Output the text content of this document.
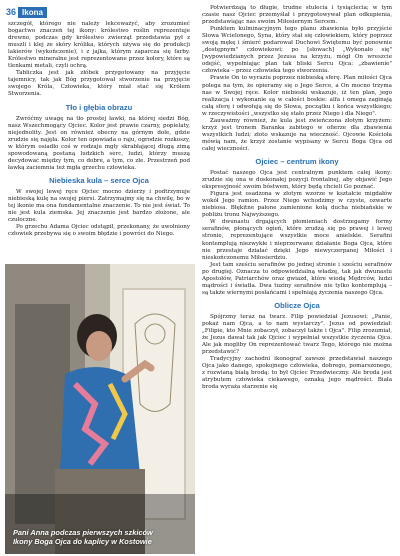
36 Ikona

szczegół, którego nie należy lekceważyć, aby zrozumieć bogactwo znaczeń tej ikony: królestwo roślin reprezentuje drewno, podczas gdy królestwo zwierząt przedstawia pył z muszli i klej ze skóry królika, których używa się do produkcji lakierów (wykończenie), i z jajka, którym zaparcza się farby. Królestwo mineralne jest reprezentowane przez kolory, które są tlenkami metali, czyli ochrą.

Tabliczka jest jak złóbek przygotowany na przyjęcie tajemnicy, tak jak Bóg przygotował stworzenie na przyjęcie swojego Króla, Człowieka, który miał stać się Królem Stworzenia.

Tło i głębia obrazu

Zwróćmy uwagę na tło prostej ławki, na której siedzi Bóg, nasz Wszechmogący Ojciec. Kolor jest prawie czarny, popielaty, niejednolity. Jest on również obecny na górnym dole, gdzie zrudzie się najęła. Kolor ten opowiada o raju, ogrodzie rozkoszy, w którym osiadło coś w rodzaju mgły skrabłającej długą zimą spowodowaną postaną ludzkich serc, ludzi, którzy muszą decydować między tym, co dobre, a tym, co złe. Przestrzeń pod ławką zaciemnia też mgła grzechu człowieka.

Niebieska kula – serce Ojca

W swojej lewej ręce Ojciec mocno dzierży i podtrzymuje niebieską kulę na swojej piersi. Zatrzymajmy się na chwilę, bo w tej ikonie ma ona fundamentalne znaczenie. To nie jest świat. To nie jest kula ziemska. Jej znaczenie jest bardzo złożone, ale czułoczne.

Po grzechu Adama Ojciec odstąpił, przekonany, że uwolniony człowiek przebywa się o swoim błędzie i powróci do Niego.

Pani Anna podczas pierwszych szkiców
Ikony Boga Ojca do kaplicy w Kostowie

Potwierdzają to długie, trudne stulecia i tysiąclecia; w tym czasie nasz Ojciec przemyślał i przygotowywał plan odkupienia, przedstawiając nas swoim Miłosiernym Sercem.

Punktem kulminacyjnym tego planu zbawienia było przyjście Słowa Wcielonego, Syna, który stał się człowiekiem, który poprzez swoją mękę i śmierć podarował Duchowi Świętemu być ponownie „dostępnym" człowiekowi; po [słowach] „Wykonało się" [wypowiedzianych przez Jezusa na krzyżu, mógł On wreszcie odejść, wypełniając plan tak bliski Sercu Ojca: „zbawienie" człowieka – przez człowieka tego stworzenia.

Prawie On to wyraziu poprzez niebieską sferę. Plan miłości Ojca polega na tym, że opieramy się o Jego Serce, a On mocno trzyma nas w Swojej ręce. Kolor niebieski wskazuje, iż ten plan, jego realizacja i wykonanie są w całości boskie: alfa i omega zaginają całą sferę i odwołują się do Słowa, początku i końca wszystkiego; w rzeczywistości „wszystko się stało przez Niego i dla Niego".

Zauważmy również, że kula jest zwieńczona złotym krzyżem: krzyż jest tronem Baranka zabitego w ofierze dla zbawienia wszystkich ludzi; złoto wskazuje na wieczność. Ojcowie Kościoła mówią nam, że krzyż zostanie wypisany w Sercu Boga Ojca od całej wieczności.

Ojciec – centrum ikony

Postać naszego Ojca jest centralnym punktem całej ikony: zrudzie się ona w doskonałej pozycji frontalnej, aby objawić Jego ekspresyjność swoim bóstwem, który będą chcieli Go poznać.

Figura jest osadzona w złotym wzorze w kształcie migdałów wokół Jego ramion. Przez Niego wchodzimy w czyste, ozwarte niebiosa. Błękitne pałone zamienione kolą ducha niebiańskie w pobliżu tronu Najwyższego.

W dwunastu drgających płomieniach dostrzegamy formy serafinów, płonących ogień, które zrudzą się po prawej i lewej stronie, reprezentujące wszystkie moce anielskie. Serafini kontemplują niezwykłe i nieprzerwane działanie Boga Ojca, które nie przestaje działać dzięki Jego niewyczerpanej Miłości i nieskończonemu Miłosierdziu.

Jest tam sześciu serafinów po jednej stronie i sześciu serafinów po drugiej. Oznacza to odpowiedzialną władzę, tak jak dwunastu Apostołów, Patriarchów oraz gwiazd, które wiodą Mędrców, ludzi mądrości i światła. Dwa tuziny serafinów nie tylko kontemplują – są także wiernymi posłańcami i spełniają życzenia naszego Ojca.

Oblicze Ojca

Spójrzmy teraz na twarz. Filip powiedział Jezusowi: „Panie, pokaż nam Ojca, a to nam wystarczy". Jezus od powiedział: „Filipie, kto Mnie zobaczył, zobaczył także i Ojca". Filip zrozumiał, że Jezus dawał tak jak Ojciec i wypełniał wszystkie życzenia Ojca. Ale jak mogliby On reprezentować twarz Tego, którego nie można przedstawić?

Tradycyjny zachodni ikonograf zawsze przedstawiał naszego Ojca jako danego, spokojnego człowieka, dobrego, pomarszonego, z rozwianą białą brodą: to był Ojciec Przedwieczny. Ale broda jest atrybutem człowieka ciekawego, oznaką jego mądrości. Biała broda wyraża starzenie się
